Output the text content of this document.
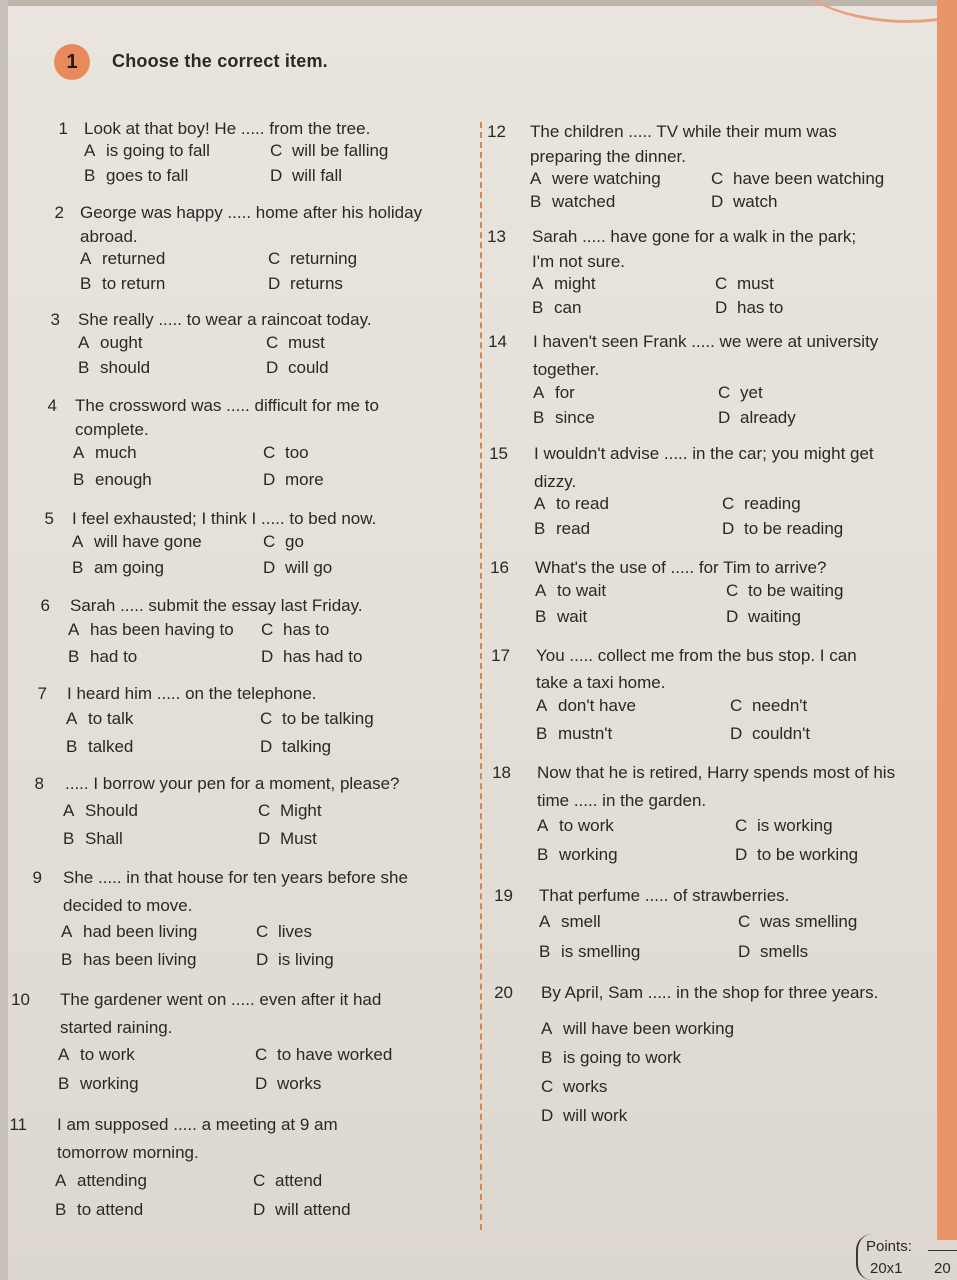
1	Choose the correct item.
1 Look at that boy! He ..... from the tree.
A is going to fall	C will be falling
B goes to fall	D will fall
2 George was happy ..... home after his holiday
abroad.
A returned	C returning
B to return	D returns
3 She really ..... to wear a raincoat today.
A ought	C must
B should	D could
4 The crossword was ..... difficult for me to
complete.
A much	C too
B enough	D more
5 I feel exhausted; I think I ..... to bed now.
A will have gone	C go
B am going	D will go
6 Sarah ..... submit the essay last Friday.
A has been having to C has to
B had to	D has had to
7 I heard him ..... on the telephone.
A to talk	C to be talking
B talked	D talking
8 ..... I borrow your pen for a moment, please?
A Should	C Might
B Shall	D Must
9 She ..... in that house for ten years before she
decided to move.
A had been living	C lives
B has been living	D is living
10 The gardener went on ..... even after it had
started raining.
A to work	C to have worked
B working	D works
11 I am supposed ..... a meeting at 9 am
tomorrow morning.
A attending	C attend
B to attend	D will attend
12 The children ..... TV while their mum was
preparing the dinner.
A were watching	C have been watching
B watched	D watch
13 Sarah ..... have gone for a walk in the park;
I'm not sure.
A might	C must
B can	D has to
14 I haven't seen Frank ..... we were at university
together.
A for	C yet
B since	D already
15 I wouldn't advise ..... in the car; you might get
dizzy.
A to read	C reading
B read	D to be reading
16 What's the use of ..... for Tim to arrive?
A to wait	C to be waiting
B wait	D waiting
17 You ..... collect me from the bus stop. I can
take a taxi home.
A don't have	C needn't
B mustn't	D couldn't
18 Now that he is retired, Harry spends most of his
time ..... in the garden.
A to work	C is working
B working	D to be working
19 That perfume ..... of strawberries.
A smell	C was smelling
B is smelling	D smells
20 By April, Sam ..... in the shop for three years.
A will have been working
B is going to work
C works
D will work
Points:
20x1 20
